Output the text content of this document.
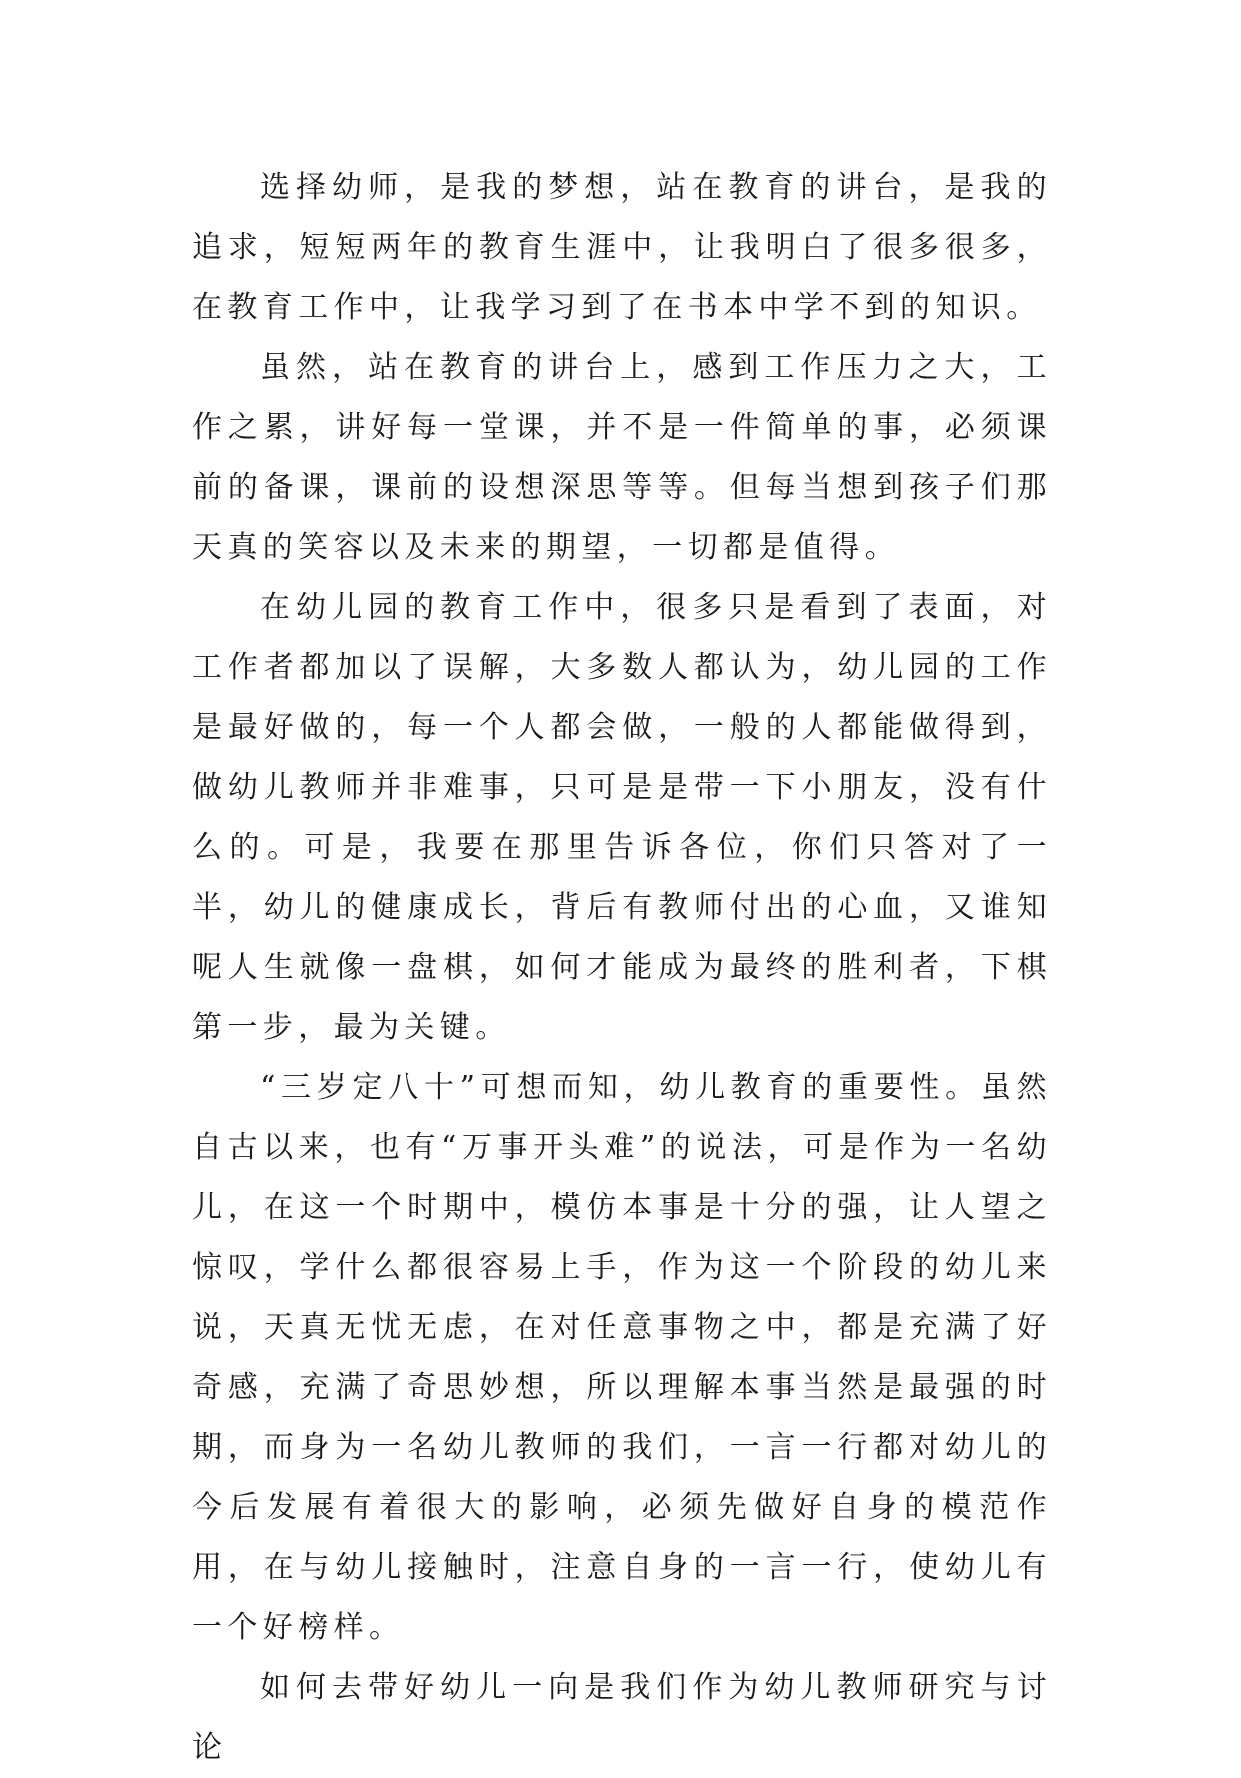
选择幼师，是我的梦想，站在教育的讲台，是我的追求，短短两年的教育生涯中，让我明白了很多很多，在教育工作中，让我学习到了在书本中学不到的知识。

虽然，站在教育的讲台上，感到工作压力之大，工作之累，讲好每一堂课，并不是一件简单的事，必须课前的备课，课前的设想深思等等。但每当想到孩子们那天真的笑容以及未来的期望，一切都是值得。

在幼儿园的教育工作中，很多只是看到了表面，对工作者都加以了误解，大多数人都认为，幼儿园的工作是最好做的，每一个人都会做，一般的人都能做得到，做幼儿教师并非难事，只可是是带一下小朋友，没有什么的。可是，我要在那里告诉各位，你们只答对了一半，幼儿的健康成长，背后有教师付出的心血，又谁知呢人生就像一盘棋，如何才能成为最终的胜利者，下棋第一步，最为关键。

“三岁定八十”可想而知，幼儿教育的重要性。虽然自古以来，也有“万事开头难”的说法，可是作为一名幼儿，在这一个时期中，模仿本事是十分的强，让人望之惊叹，学什么都很容易上手，作为这一个阶段的幼儿来说，天真无忧无虑，在对任意事物之中，都是充满了好奇感，充满了奇思妙想，所以理解本事当然是最强的时期，而身为一名幼儿教师的我们，一言一行都对幼儿的今后发展有着很大的影响，必须先做好自身的模范作用，在与幼儿接触时，注意自身的一言一行，使幼儿有一个好榜样。

如何去带好幼儿一向是我们作为幼儿教师研究与讨论
